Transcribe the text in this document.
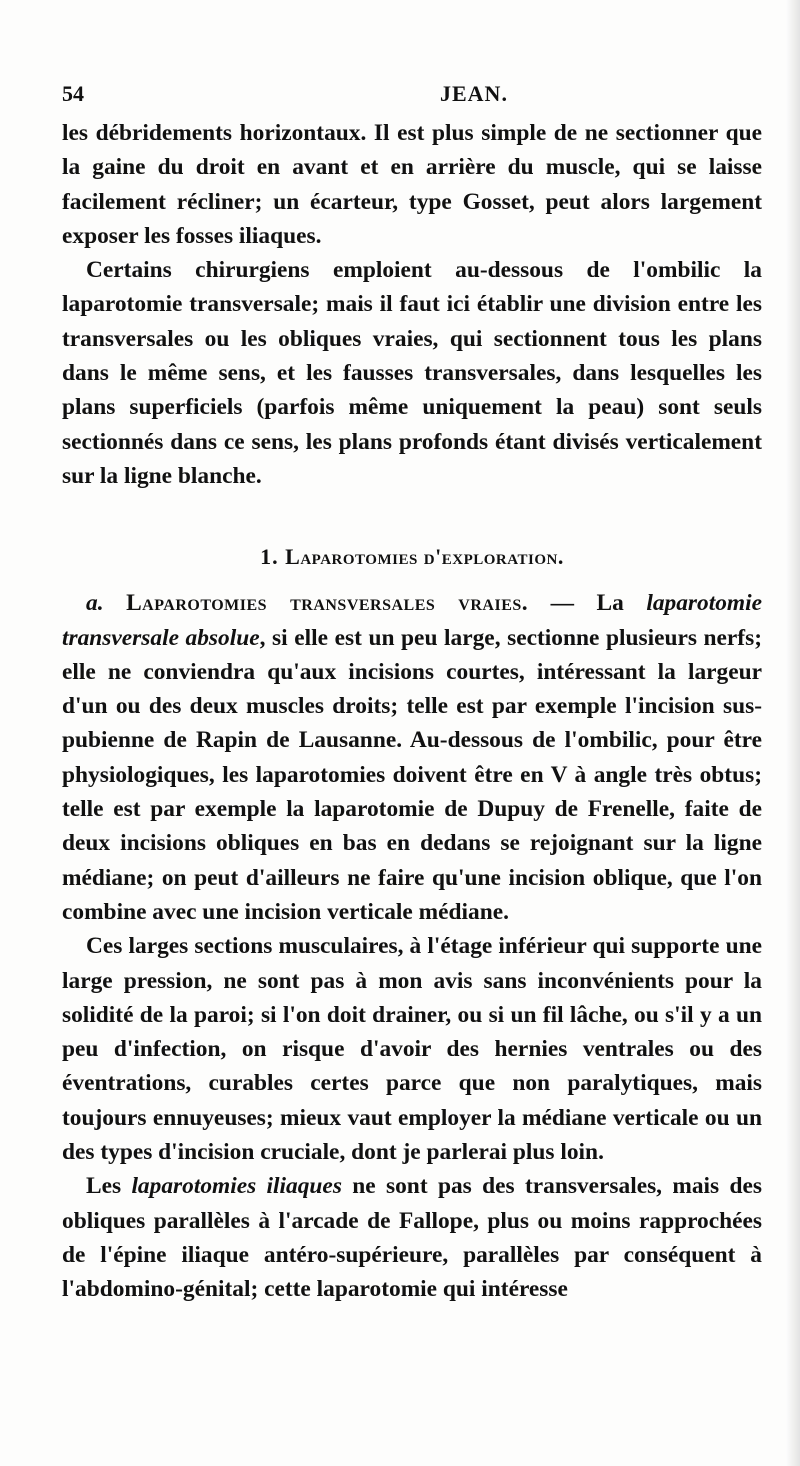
54	JEAN.

les débridements horizontaux. Il est plus simple de ne sectionner que la gaine du droit en avant et en arrière du muscle, qui se laisse facilement récliner; un écarteur, type Gosset, peut alors largement exposer les fosses iliaques.

Certains chirurgiens emploient au-dessous de l'ombilic la laparotomie transversale; mais il faut ici établir une division entre les transversales ou les obliques vraies, qui sectionnent tous les plans dans le même sens, et les fausses transversales, dans lesquelles les plans superficiels (parfois même uniquement la peau) sont seuls sectionnés dans ce sens, les plans profonds étant divisés verticalement sur la ligne blanche.

1. Laparotomies d'exploration.

a. Laparotomies transversales vraies. — La laparotomie transversale absolue, si elle est un peu large, sectionne plusieurs nerfs; elle ne conviendra qu'aux incisions courtes, intéressant la largeur d'un ou des deux muscles droits; telle est par exemple l'incision sus-pubienne de Rapin de Lausanne. Au-dessous de l'ombilic, pour être physiologiques, les laparotomies doivent être en V à angle très obtus; telle est par exemple la laparotomie de Dupuy de Frenelle, faite de deux incisions obliques en bas en dedans se rejoignant sur la ligne médiane; on peut d'ailleurs ne faire qu'une incision oblique, que l'on combine avec une incision verticale médiane.

Ces larges sections musculaires, à l'étage inférieur qui supporte une large pression, ne sont pas à mon avis sans inconvénients pour la solidité de la paroi; si l'on doit drainer, ou si un fil lâche, ou s'il y a un peu d'infection, on risque d'avoir des hernies ventrales ou des éventrations, curables certes parce que non paralytiques, mais toujours ennuyeuses; mieux vaut employer la médiane verticale ou un des types d'incision cruciale, dont je parlerai plus loin.

Les laparotomies iliaques ne sont pas des transversales, mais des obliques parallèles à l'arcade de Fallope, plus ou moins rapprochées de l'épine iliaque antéro-supérieure, parallèles par conséquent à l'abdomino-génital; cette laparotomie qui intéresse
